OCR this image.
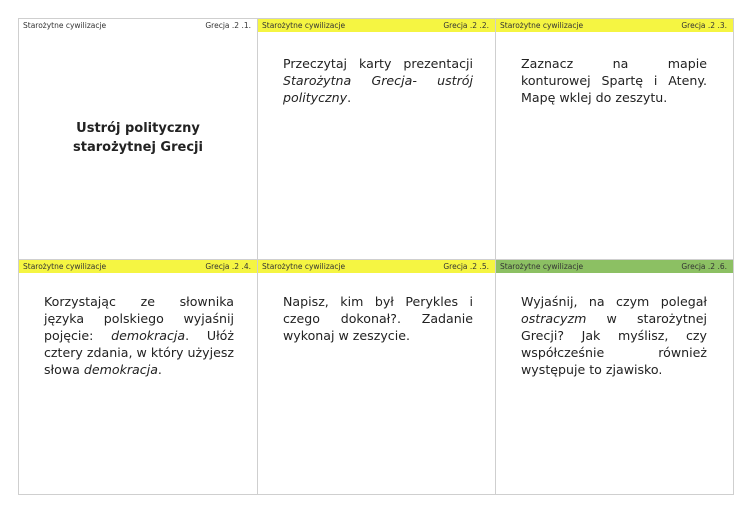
Starożytne cywilizacje	Grecja .2 .1.
Ustrój polityczny starożytnej Grecji
Starożytne cywilizacje	Grecja .2 .2.
Przeczytaj karty prezentacji Starożytna Grecja- ustrój polityczny.
Starożytne cywilizacje	Grecja .2 .3.
Zaznacz na mapie konturowej Spartę i Ateny. Mapę wklej do zeszytu.
Starożytne cywilizacje	Grecja .2 .4.
Korzystając ze słownika języka polskiego wyjaśnij pojęcie: demokracja. Ułóż cztery zdania, w który użyjesz słowa demokracja.
Starożytne cywilizacje	Grecja .2 .5.
Napisz, kim był Perykles i czego dokonał?. Zadanie wykonaj w zeszycie.
Starożytne cywilizacje	Grecja .2 .6.
Wyjaśnij, na czym polegał ostracyzm w starożytnej Grecji? Jak myślisz, czy współcześnie również występuje to zjawisko.
